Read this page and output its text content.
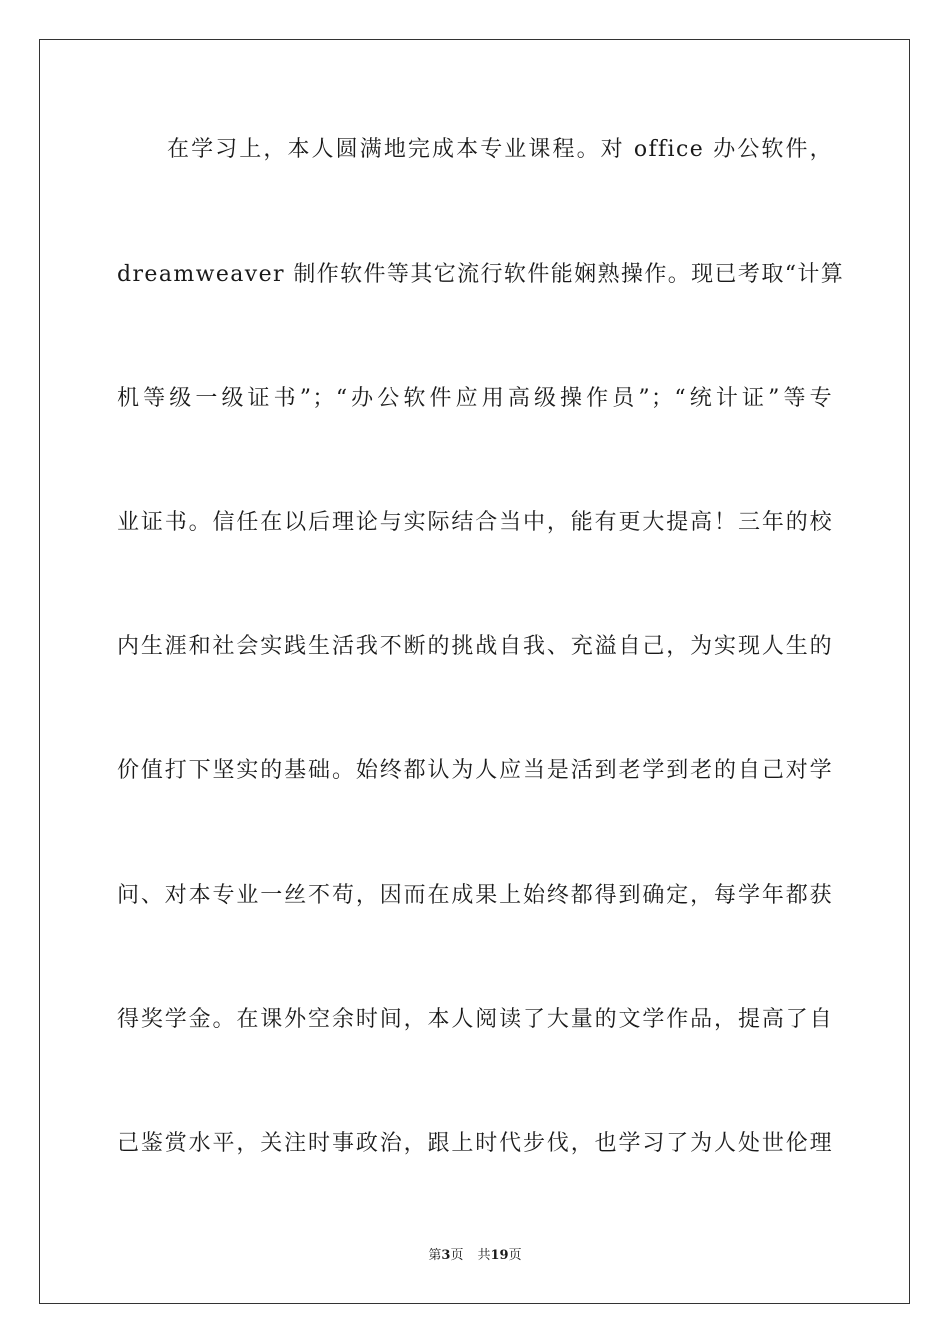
在学习上，本人圆满地完成本专业课程。对 office 办公软件，
dreamweaver 制作软件等其它流行软件能娴熟操作。现已考取“计算
机等级一级证书”；“办公软件应用高级操作员”；“统计证”等专
业证书。信任在以后理论与实际结合当中，能有更大提高！三年的校
内生涯和社会实践生活我不断的挑战自我、充溢自己，为实现人生的
价值打下坚实的基础。始终都认为人应当是活到老学到老的自己对学
问、对本专业一丝不苟，因而在成果上始终都得到确定，每学年都获
得奖学金。在课外空余时间，本人阅读了大量的文学作品，提高了自
己鉴赏水平，关注时事政治，跟上时代步伐，也学习了为人处世伦理
第3页 共19页
